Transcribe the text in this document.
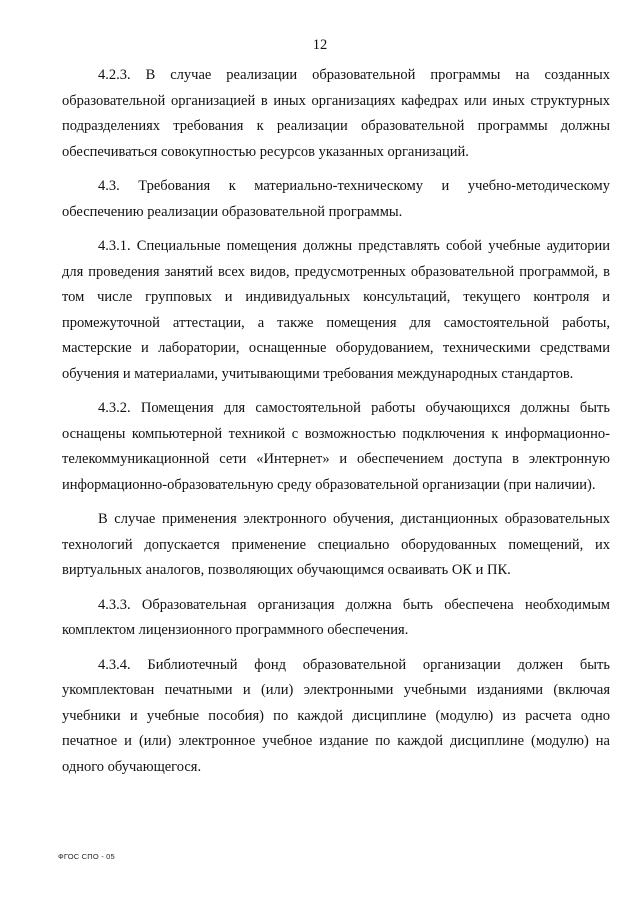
12

4.2.3. В случае реализации образовательной программы на созданных образовательной организацией в иных организациях кафедрах или иных структурных подразделениях требования к реализации образовательной программы должны обеспечиваться совокупностью ресурсов указанных организаций.

4.3. Требования к материально-техническому и учебно-методическому обеспечению реализации образовательной программы.

4.3.1. Специальные помещения должны представлять собой учебные аудитории для проведения занятий всех видов, предусмотренных образовательной программой, в том числе групповых и индивидуальных консультаций, текущего контроля и промежуточной аттестации, а также помещения для самостоятельной работы, мастерские и лаборатории, оснащенные оборудованием, техническими средствами обучения и материалами, учитывающими требования международных стандартов.

4.3.2. Помещения для самостоятельной работы обучающихся должны быть оснащены компьютерной техникой с возможностью подключения к информационно-телекоммуникационной сети «Интернет» и обеспечением доступа в электронную информационно-образовательную среду образовательной организации (при наличии).

В случае применения электронного обучения, дистанционных образовательных технологий допускается применение специально оборудованных помещений, их виртуальных аналогов, позволяющих обучающимся осваивать ОК и ПК.

4.3.3. Образовательная организация должна быть обеспечена необходимым комплектом лицензионного программного обеспечения.

4.3.4. Библиотечный фонд образовательной организации должен быть укомплектован печатными и (или) электронными учебными изданиями (включая учебники и учебные пособия) по каждой дисциплине (модулю) из расчета одно печатное и (или) электронное учебное издание по каждой дисциплине (модулю) на одного обучающегося.

ФГОС СПО - 05
